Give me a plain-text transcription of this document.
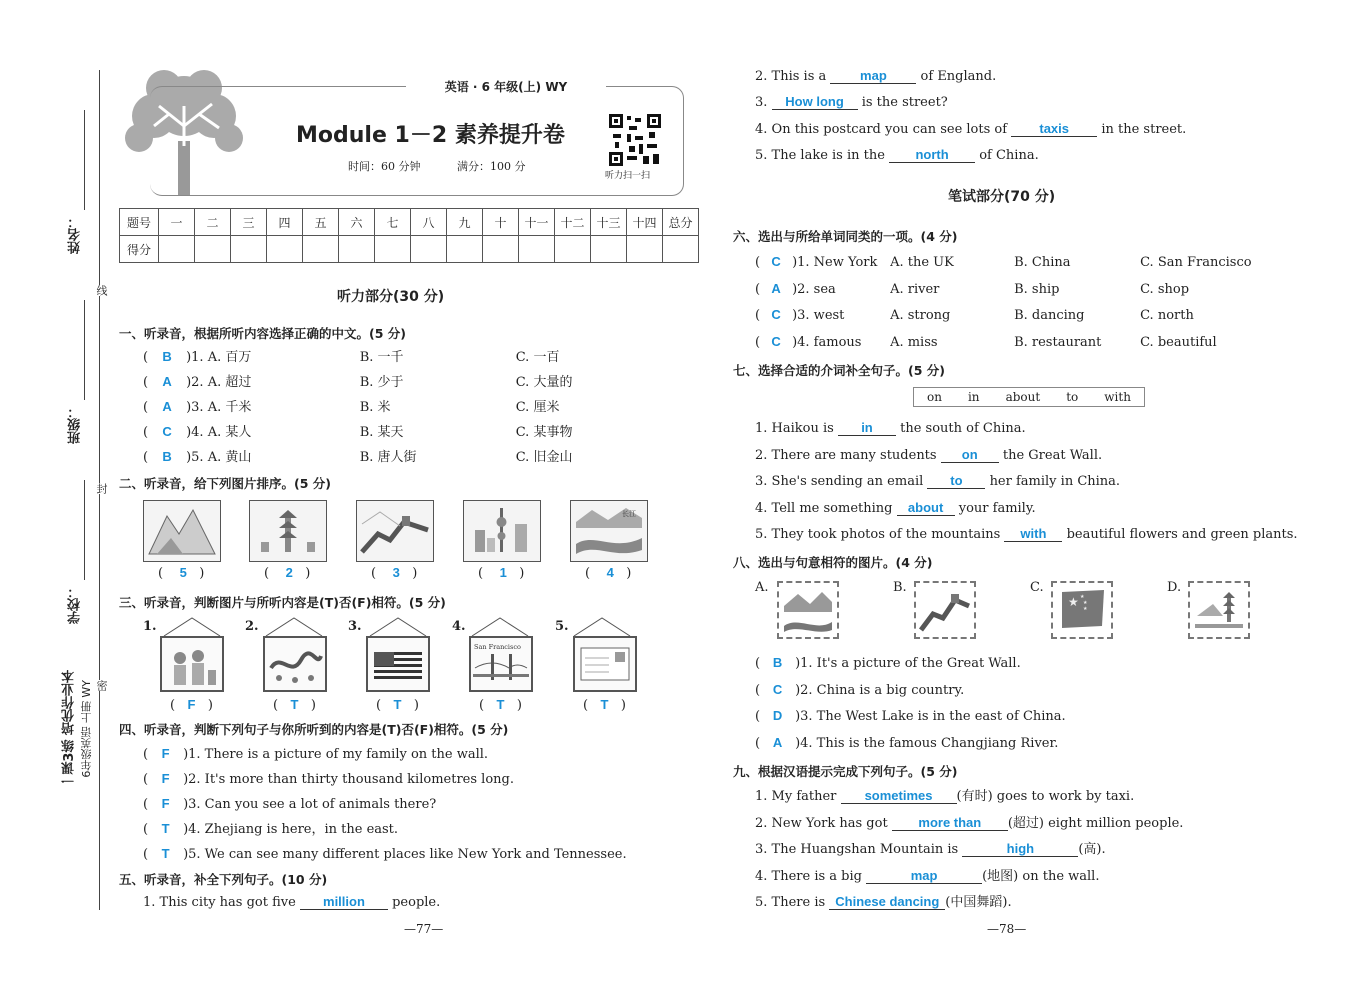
姓名：
班级：
学校：
线
封
密
一课3练 培优作业本 6年级英语 上册 WY
英语 · 6 年级(上) WY
Module 1－2 素养提升卷
时间：60 分钟	满分：100 分
听力扫一扫
题号	一	二	三	四	五	六	七	八	九	十	十一	十二	十三	十四	总分
得分															
听力部分(30 分)
一、听录音，根据所听内容选择正确的中文。(5 分)
( B )1. A. 百万	B. 一千	C. 一百
( A )2. A. 超过	B. 少于	C. 大量的
( A )3. A. 千米	B. 米	C. 厘米
( C )4. A. 某人	B. 某天	C. 某事物
( B )5. A. 黄山	B. 唐人街	C. 旧金山
二、听录音，给下列图片排序。(5 分)
长江
(    5   )	(    2   )	(    3   )	(    1   )	(    4   )
三、听录音，判断图片与所听内容是(T)否(F)相符。(5 分)
1.	2.	3.	4.	5.
San Francisco
(   F   )	(   T   )	(   T   )	(   T   )	(   T   )
四、听录音，判断下列句子与你所听到的内容是(T)否(F)相符。(5 分)
( F )1. There is a picture of my family on the wall.
( F )2. It's more than thirty thousand kilometres long.
( F )3. Can you see a lot of animals there?
( T )4. Zhejiang is here，in the east.
( T )5. We can see many different places like New York and Tennessee.
五、听录音，补全下列句子。(10 分)
1. This city has got five million people.
2. This is a	map	of England.
3. How long is the street?
4. On this postcard you can see lots of taxis in the street.
5. The lake is in the north of China.
笔试部分(70 分)
六、选出与所给单词同类的一项。(4 分)
( C )1. New York A. the UK	B. China	C. San Francisco
( A )2. sea	A. river	B. ship	C. shop
( C )3. west	A. strong	B. dancing	C. north
( C )4. famous A. miss	B. restaurant	C. beautiful
七、选择合适的介词补全句子。(5 分)
on in about to with
1. Haikou is in the south of China.
2. There are many students on the Great Wall.
3. She's sending an email to her family in China.
4. Tell me something about your family.
5. They took photos of the mountains with beautiful flowers and green plants.
八、选出与句意相符的图片。(4 分)
A.	B.	C.	D.
★ ★
★
★
( B )1. It's a picture of the Great Wall.
( C )2. China is a big country.
( D )3. The West Lake is in the east of China.
( A )4. This is the famous Changjiang River.
九、根据汉语提示完成下列句子。(5 分)
1. My father sometimes (有时) goes to work by taxi.
2. New York has got more than (超过) eight million people.
3. The Huangshan Mountain is	high	(高).
4. There is a big	map	(地图) on the wall.
5. There is Chinese dancing (中国舞蹈).
—77—	—78—
